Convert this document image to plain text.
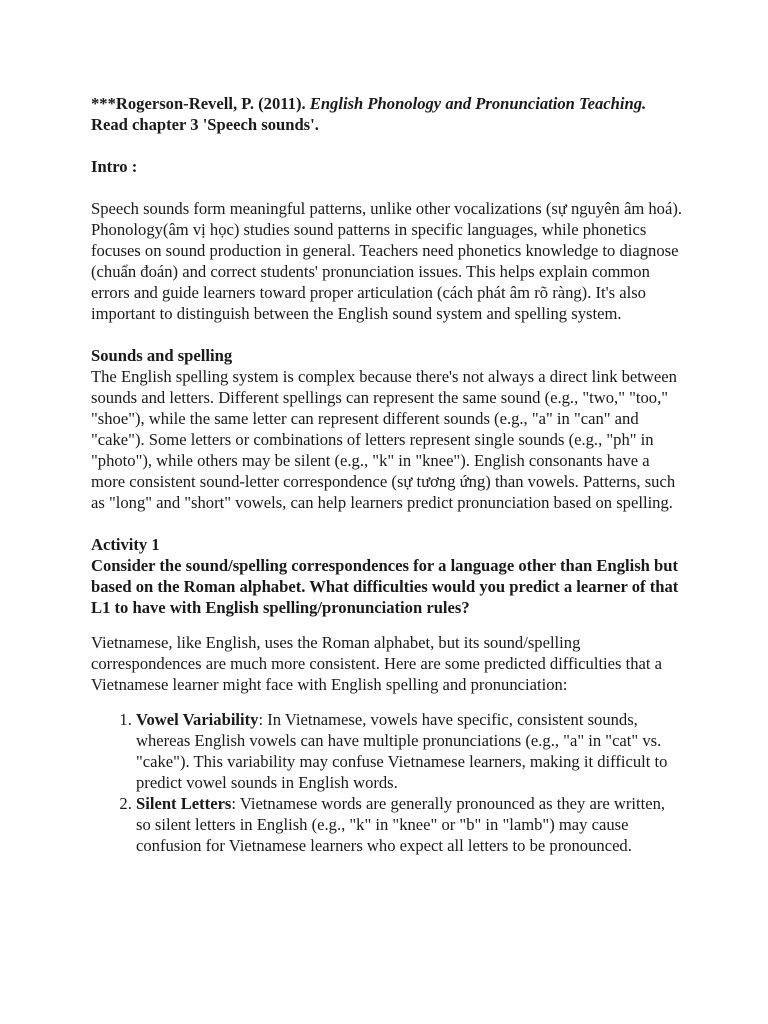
***Rogerson-Revell, P. (2011). English Phonology and Pronunciation Teaching. Read chapter 3 'Speech sounds'.

Intro :

Speech sounds form meaningful patterns, unlike other vocalizations (sự nguyên âm hoá). Phonology(âm vị học) studies sound patterns in specific languages, while phonetics focuses on sound production in general. Teachers need phonetics knowledge to diagnose (chuẩn đoán) and correct students' pronunciation issues. This helps explain common errors and guide learners toward proper articulation (cách phát âm rõ ràng). It's also important to distinguish between the English sound system and spelling system.

Sounds and spelling

The English spelling system is complex because there's not always a direct link between sounds and letters. Different spellings can represent the same sound (e.g., "two," "too," "shoe"), while the same letter can represent different sounds (e.g., "a" in "can" and "cake"). Some letters or combinations of letters represent single sounds (e.g., "ph" in "photo"), while others may be silent (e.g., "k" in "knee"). English consonants have a more consistent sound-letter correspondence (sự tương ứng) than vowels. Patterns, such as "long" and "short" vowels, can help learners predict pronunciation based on spelling.

Activity 1

Consider the sound/spelling correspondences for a language other than English but based on the Roman alphabet. What difficulties would you predict a learner of that L1 to have with English spelling/pronunciation rules?

Vietnamese, like English, uses the Roman alphabet, but its sound/spelling correspondences are much more consistent. Here are some predicted difficulties that a Vietnamese learner might face with English spelling and pronunciation:

1. Vowel Variability: In Vietnamese, vowels have specific, consistent sounds, whereas English vowels can have multiple pronunciations (e.g., "a" in "cat" vs. "cake"). This variability may confuse Vietnamese learners, making it difficult to predict vowel sounds in English words.
2. Silent Letters: Vietnamese words are generally pronounced as they are written, so silent letters in English (e.g., "k" in "knee" or "b" in "lamb") may cause confusion for Vietnamese learners who expect all letters to be pronounced.
